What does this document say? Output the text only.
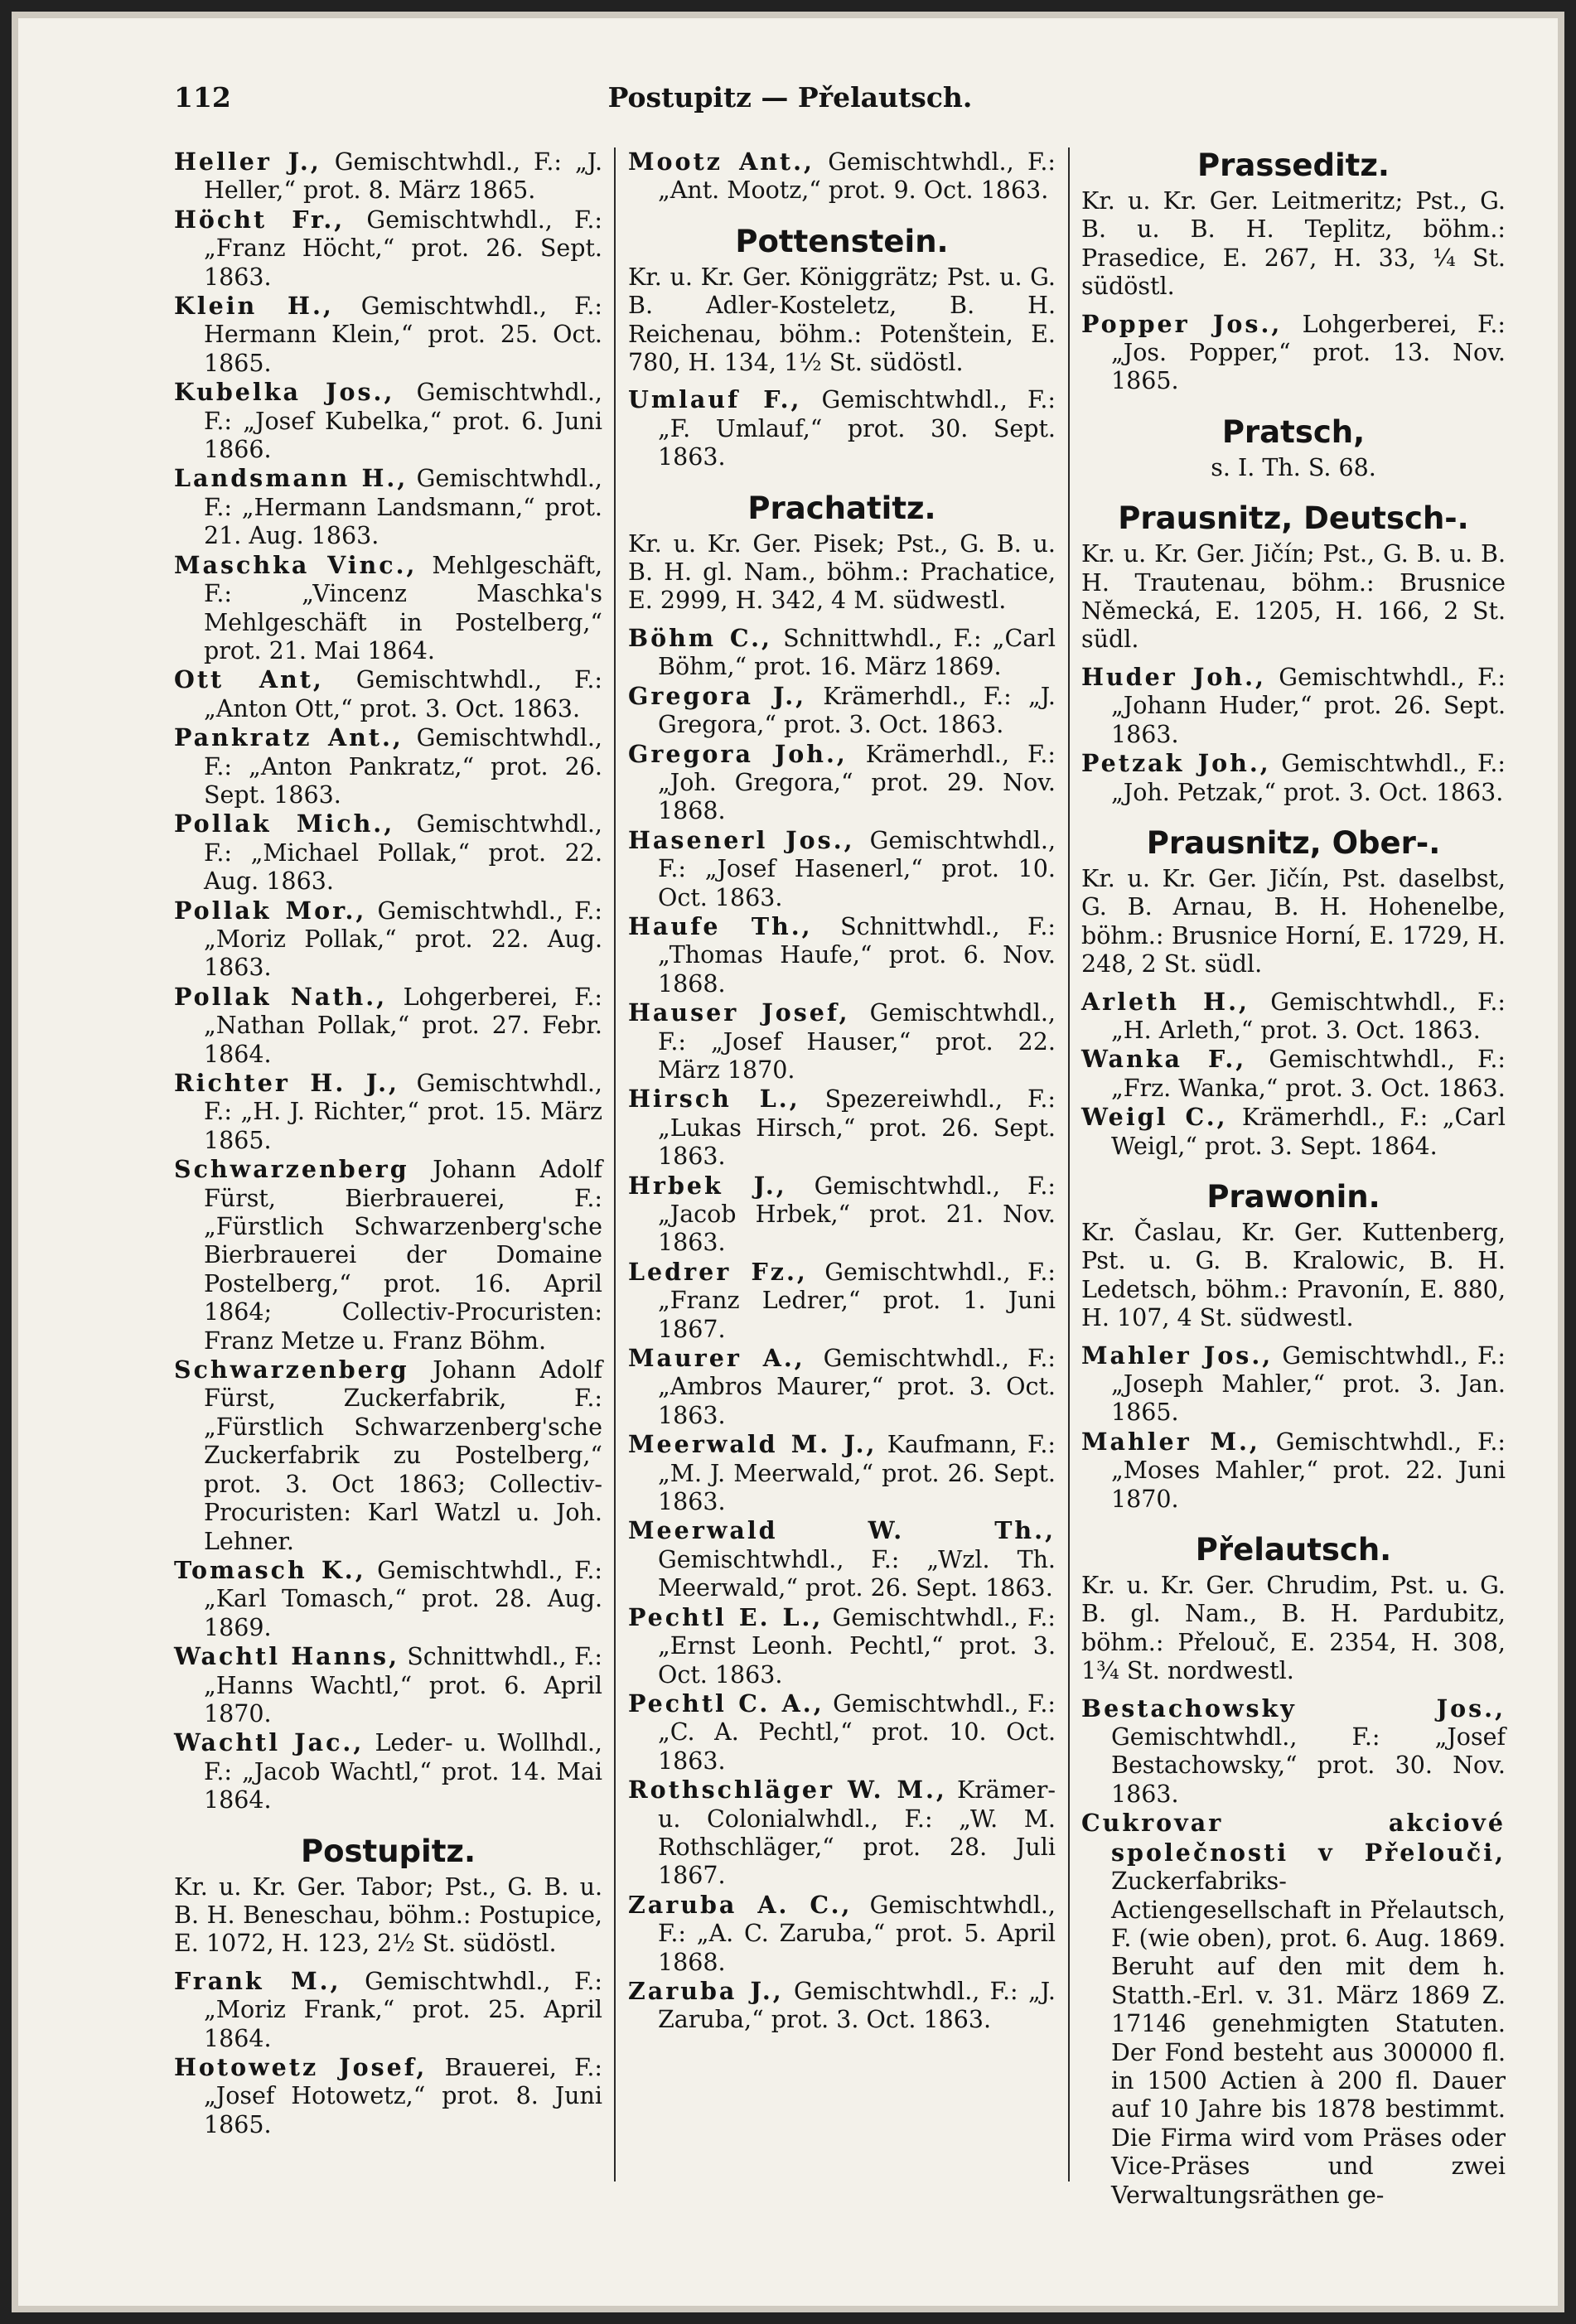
112	Postupitz — Přelautsch.

Heller J., Gemischtwhdl., F.: „J. Heller,“ prot. 8. März 1865.

Höcht Fr., Gemischtwhdl., F.: „Franz Höcht,“ prot. 26. Sept. 1863.

Klein H., Gemischtwhdl., F.: Hermann Klein,“ prot. 25. Oct. 1865.

Kubelka Jos., Gemischtwhdl., F.: „Josef Kubelka,“ prot. 6. Juni 1866.

Landsmann H., Gemischtwhdl., F.: „Hermann Landsmann,“ prot. 21. Aug. 1863.

Maschka Vinc., Mehlgeschäft, F.: „Vincenz Maschka's Mehlgeschäft in Postelberg,“ prot. 21. Mai 1864.

Ott Ant, Gemischtwhdl., F.: „Anton Ott,“ prot. 3. Oct. 1863.

Pankratz Ant., Gemischtwhdl., F.: „Anton Pankratz,“ prot. 26. Sept. 1863.

Pollak Mich., Gemischtwhdl., F.: „Michael Pollak,“ prot. 22. Aug. 1863.

Pollak Mor., Gemischtwhdl., F.: „Moriz Pollak,“ prot. 22. Aug. 1863.

Pollak Nath., Lohgerberei, F.: „Nathan Pollak,“ prot. 27. Febr. 1864.

Richter H. J., Gemischtwhdl., F.: „H. J. Richter,“ prot. 15. März 1865.

Schwarzenberg Johann Adolf Fürst, Bierbrauerei, F.: „Fürstlich Schwarzenberg'sche Bierbrauerei der Domaine Postelberg,“ prot. 16. April 1864; Collectiv-Procuristen: Franz Metze u. Franz Böhm.

Schwarzenberg Johann Adolf Fürst, Zuckerfabrik, F.: „Fürstlich Schwarzenberg'sche Zuckerfabrik zu Postelberg,“ prot. 3. Oct 1863; Collectiv-Procuristen: Karl Watzl u. Joh. Lehner.

Tomasch K., Gemischtwhdl., F.: „Karl Tomasch,“ prot. 28. Aug. 1869.

Wachtl Hanns, Schnittwhdl., F.: „Hanns Wachtl,“ prot. 6. April 1870.

Wachtl Jac., Leder- u. Wollhdl., F.: „Jacob Wachtl,“ prot. 14. Mai 1864.

Postupitz.
Kr. u. Kr. Ger. Tabor; Pst., G. B. u. B. H. Beneschau, böhm.: Postupice, E. 1072, H. 123, 2½ St. südöstl.

Frank M., Gemischtwhdl., F.: „Moriz Frank,“ prot. 25. April 1864.

Hotowetz Josef, Brauerei, F.: „Josef Hotowetz,“ prot. 8. Juni 1865.

Mootz Ant., Gemischtwhdl., F.: „Ant. Mootz,“ prot. 9. Oct. 1863.

Pottenstein.
Kr. u. Kr. Ger. Königgrätz; Pst. u. G. B. Adler-Kosteletz, B. H. Reichenau, böhm.: Potenštein, E. 780, H. 134, 1½ St. südöstl.

Umlauf F., Gemischtwhdl., F.: „F. Umlauf,“ prot. 30. Sept. 1863.

Prachatitz.
Kr. u. Kr. Ger. Pisek; Pst., G. B. u. B. H. gl. Nam., böhm.: Prachatice, E. 2999, H. 342, 4 M. südwestl.

Böhm C., Schnittwhdl., F.: „Carl Böhm,“ prot. 16. März 1869.

Gregora J., Krämerhdl., F.: „J. Gregora,“ prot. 3. Oct. 1863.

Gregora Joh., Krämerhdl., F.: „Joh. Gregora,“ prot. 29. Nov. 1868.

Hasenerl Jos., Gemischtwhdl., F.: „Josef Hasenerl,“ prot. 10. Oct. 1863.

Haufe Th., Schnittwhdl., F.: „Thomas Haufe,“ prot. 6. Nov. 1868.

Hauser Josef, Gemischtwhdl., F.: „Josef Hauser,“ prot. 22. März 1870.

Hirsch L., Spezereiwhdl., F.: „Lukas Hirsch,“ prot. 26. Sept. 1863.

Hrbek J., Gemischtwhdl., F.: „Jacob Hrbek,“ prot. 21. Nov. 1863.

Ledrer Fz., Gemischtwhdl., F.: „Franz Ledrer,“ prot. 1. Juni 1867.

Maurer A., Gemischtwhdl., F.: „Ambros Maurer,“ prot. 3. Oct. 1863.

Meerwald M. J., Kaufmann, F.: „M. J. Meerwald,“ prot. 26. Sept. 1863.

Meerwald W. Th., Gemischtwhdl., F.: „Wzl. Th. Meerwald,“ prot. 26. Sept. 1863.

Pechtl E. L., Gemischtwhdl., F.: „Ernst Leonh. Pechtl,“ prot. 3. Oct. 1863.

Pechtl C. A., Gemischtwhdl., F.: „C. A. Pechtl,“ prot. 10. Oct. 1863.

Rothschläger W. M., Krämer- u. Colonialwhdl., F.: „W. M. Rothschläger,“ prot. 28. Juli 1867.

Zaruba A. C., Gemischtwhdl., F.: „A. C. Zaruba,“ prot. 5. April 1868.

Zaruba J., Gemischtwhdl., F.: „J. Zaruba,“ prot. 3. Oct. 1863.

Prasseditz.
Kr. u. Kr. Ger. Leitmeritz; Pst., G. B. u. B. H. Teplitz, böhm.: Prasedice, E. 267, H. 33, ¼ St. südöstl.

Popper Jos., Lohgerberei, F.: „Jos. Popper,“ prot. 13. Nov. 1865.

Pratsch,
s. I. Th. S. 68.
Prausnitz, Deutsch-.
Kr. u. Kr. Ger. Jičín; Pst., G. B. u. B. H. Trautenau, böhm.: Brusnice Německá, E. 1205, H. 166, 2 St. südl.

Huder Joh., Gemischtwhdl., F.: „Johann Huder,“ prot. 26. Sept. 1863.

Petzak Joh., Gemischtwhdl., F.: „Joh. Petzak,“ prot. 3. Oct. 1863.

Prausnitz, Ober-.
Kr. u. Kr. Ger. Jičín, Pst. daselbst, G. B. Arnau, B. H. Hohenelbe, böhm.: Brusnice Horní, E. 1729, H. 248, 2 St. südl.

Arleth H., Gemischtwhdl., F.: „H. Arleth,“ prot. 3. Oct. 1863.

Wanka F., Gemischtwhdl., F.: „Frz. Wanka,“ prot. 3. Oct. 1863.

Weigl C., Krämerhdl., F.: „Carl Weigl,“ prot. 3. Sept. 1864.

Prawonin.
Kr. Časlau, Kr. Ger. Kuttenberg, Pst. u. G. B. Kralowic, B. H. Ledetsch, böhm.: Pravonín, E. 880, H. 107, 4 St. südwestl.

Mahler Jos., Gemischtwhdl., F.: „Joseph Mahler,“ prot. 3. Jan. 1865.

Mahler M., Gemischtwhdl., F.: „Moses Mahler,“ prot. 22. Juni 1870.

Přelautsch.
Kr. u. Kr. Ger. Chrudim, Pst. u. G. B. gl. Nam., B. H. Pardubitz, böhm.: Přelouč, E. 2354, H. 308, 1¾ St. nordwestl.

Bestachowsky Jos., Gemischtwhdl., F.: „Josef Bestachowsky,“ prot. 30. Nov. 1863.

Cukrovar akciové společnosti v Přelouči, Zuckerfabriks-Actiengesellschaft in Přelautsch, F. (wie oben), prot. 6. Aug. 1869. Beruht auf den mit dem h. Statth.-Erl. v. 31. März 1869 Z. 17146 genehmigten Statuten. Der Fond besteht aus 300000 fl. in 1500 Actien à 200 fl. Dauer auf 10 Jahre bis 1878 bestimmt. Die Firma wird vom Präses oder Vice-Präses und zwei Verwaltungsräthen ge-
